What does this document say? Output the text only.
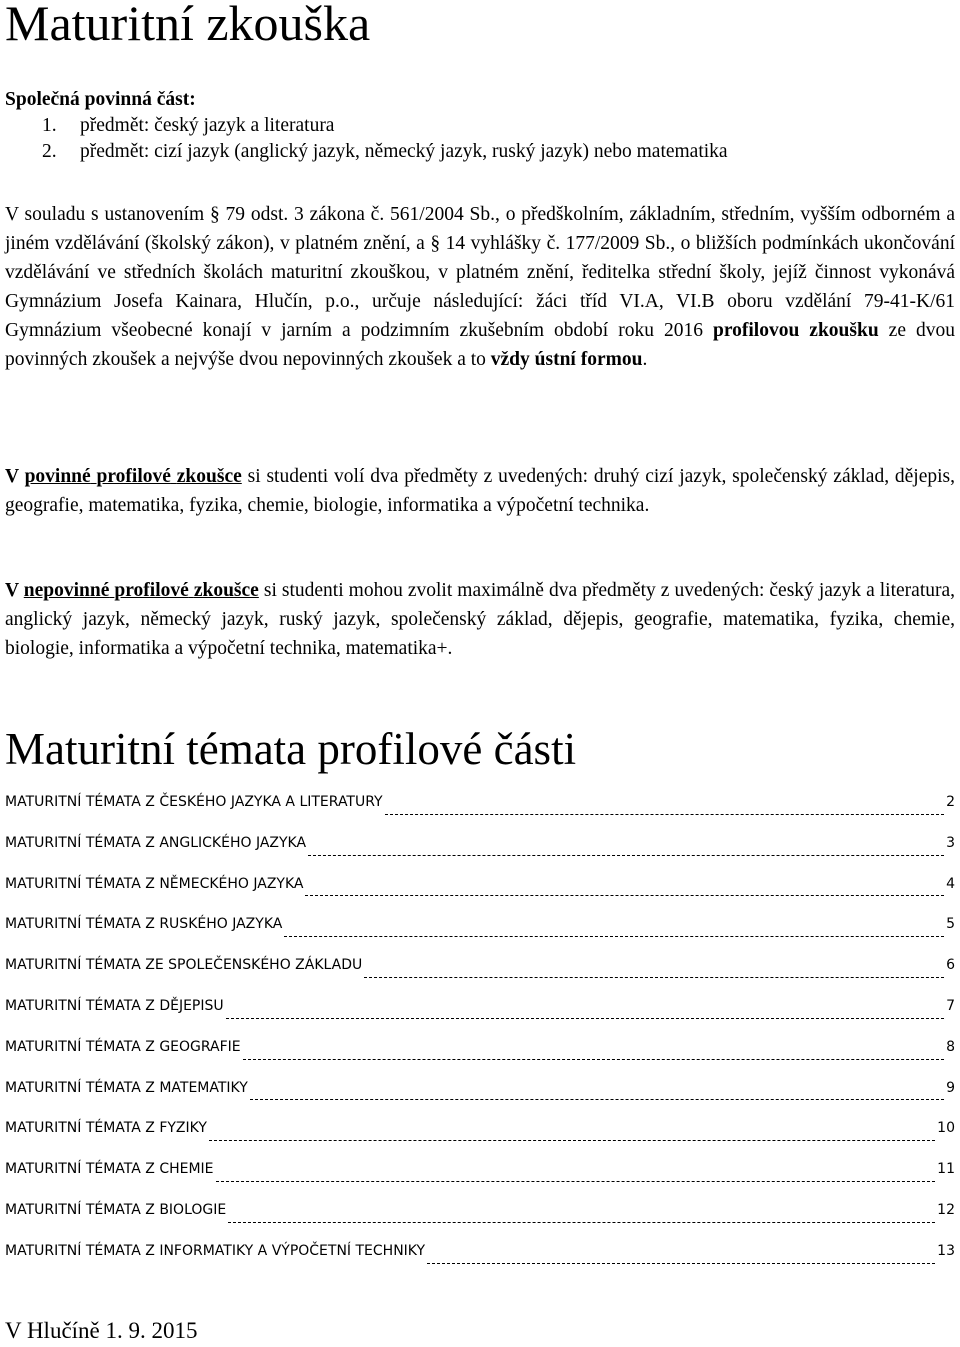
Maturitní zkouška
Společná povinná část:
1.	předmět: český jazyk a literatura
2.	předmět: cizí jazyk (anglický jazyk, německý jazyk, ruský jazyk) nebo matematika
V souladu s ustanovením § 79 odst. 3 zákona č. 561/2004 Sb., o předškolním, základním, středním, vyšším odborném a jiném vzdělávání (školský zákon), v platném znění, a § 14 vyhlášky č. 177/2009 Sb., o bližších podmínkách ukončování vzdělávání ve středních školách maturitní zkouškou, v platném znění, ředitelka střední školy, jejíž činnost vykonává Gymnázium Josefa Kainara, Hlučín, p.o., určuje následující: žáci tříd VI.A, VI.B oboru vzdělání 79-41-K/61 Gymnázium všeobecné konají v jarním a podzimním zkušebním období roku 2016 profilovou zkoušku ze dvou povinných zkoušek a nejvýše dvou nepovinných zkoušek a to vždy ústní formou.
V povinné profilové zkoušce si studenti volí dva předměty z uvedených: druhý cizí jazyk, společenský základ, dějepis, geografie, matematika, fyzika, chemie, biologie, informatika a výpočetní technika.
V nepovinné profilové zkoušce si studenti mohou zvolit maximálně dva předměty z uvedených: český jazyk a literatura, anglický jazyk, německý jazyk, ruský jazyk, společenský základ, dějepis, geografie, matematika, fyzika, chemie, biologie, informatika a výpočetní technika, matematika+.
Maturitní témata profilové části
MATURITNÍ TÉMATA Z ČESKÉHO JAZYKA A LITERATURY	2
MATURITNÍ TÉMATA Z ANGLICKÉHO JAZYKA	3
MATURITNÍ TÉMATA Z NĚMECKÉHO JAZYKA	4
MATURITNÍ TÉMATA Z RUSKÉHO JAZYKA	5
MATURITNÍ TÉMATA ZE SPOLEČENSKÉHO ZÁKLADU	6
MATURITNÍ TÉMATA Z DĚJEPISU	7
MATURITNÍ TÉMATA Z GEOGRAFIE	8
MATURITNÍ TÉMATA Z MATEMATIKY	9
MATURITNÍ TÉMATA Z FYZIKY	10
MATURITNÍ TÉMATA Z CHEMIE	11
MATURITNÍ TÉMATA Z BIOLOGIE	12
MATURITNÍ TÉMATA Z INFORMATIKY A VÝPOČETNÍ TECHNIKY	13
V Hlučíně 1. 9. 2015
